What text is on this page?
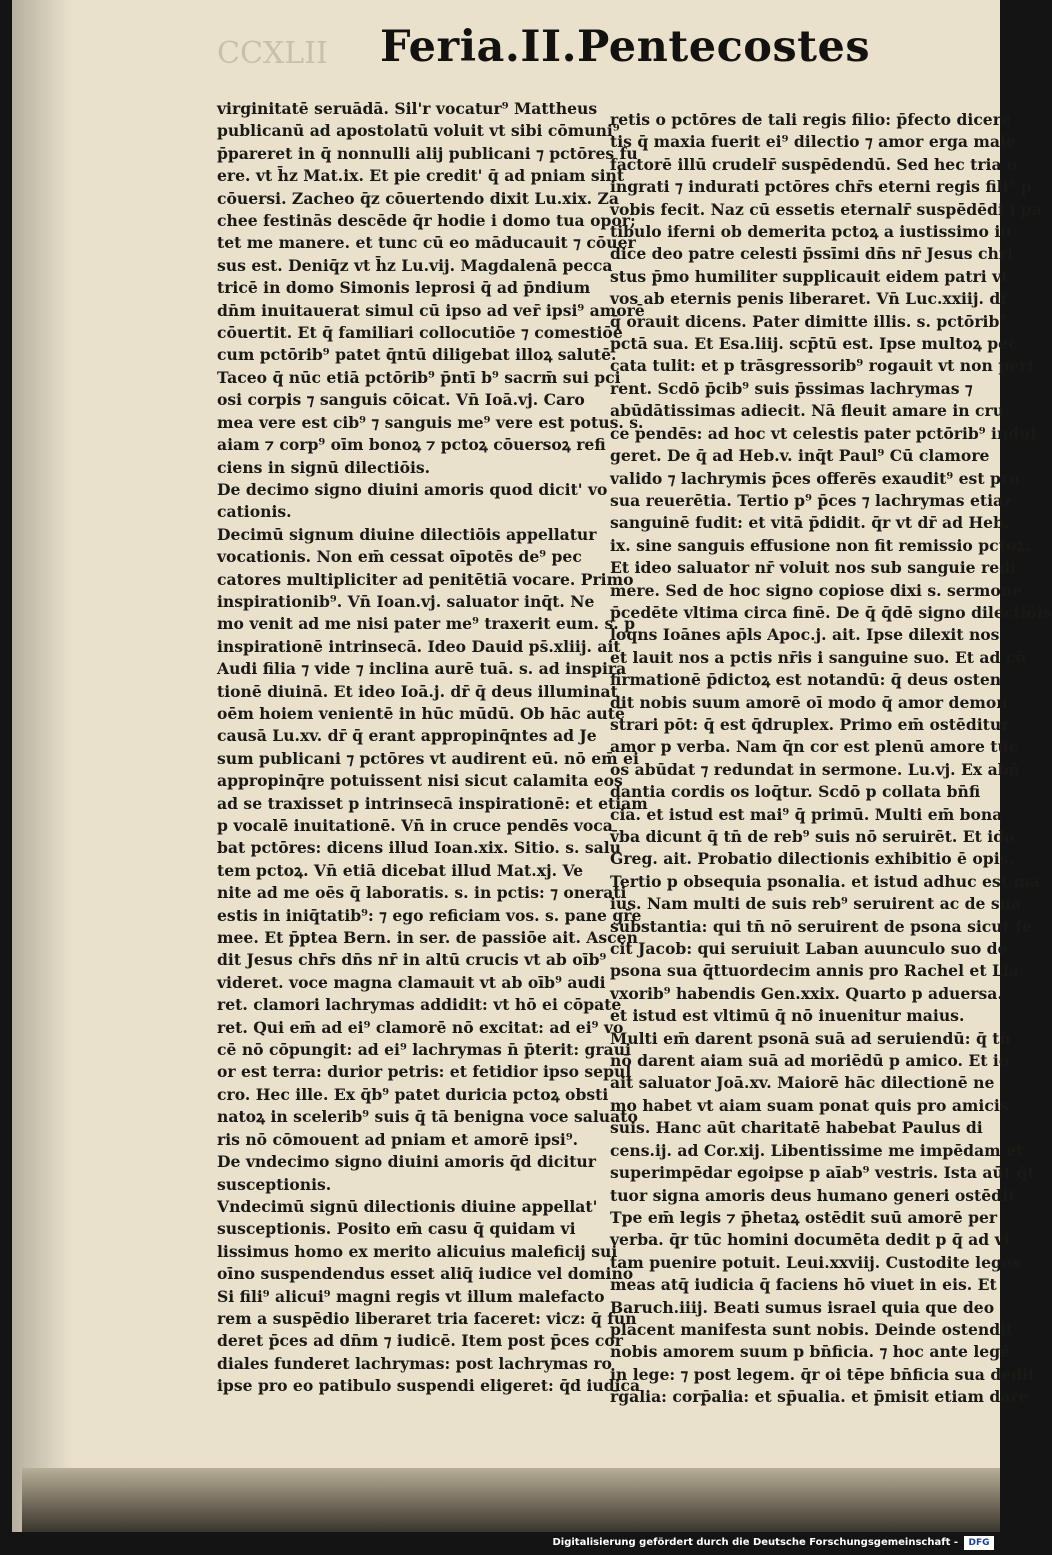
CCXLII Feria.II.Pentecostes

virginitatē seruādā. Sil'r vocatur⁹ Mattheus

publicanū ad apostolatū voluit vt sibi cōmuni⁹

p̄pareret in q̄ nonnulli alij publicani ⁊ pctōres fu

ere. vt h̄z Mat.ix. Et pie credit' q̄ ad pniam sint

cōuersi. Zacheo q̄z cōuertendo dixit Lu.xix. Za

chee festinās descēde q̄r hodie i domo tua opor;

tet me manere. et tunc cū eo māducauit ⁊ cōuer

sus est. Deniq̄z vt h̄z Lu.vij. Magdalenā pecca

tricē in domo Simonis leprosi q̄ ad p̄ndium

dn̄m inuitauerat simul cū ipso ad ver̄ ipsi⁹ amorē

cōuertit. Et q̄ familiari collocutiōe ⁊ comestiōe

cum pctōrib⁹ patet q̄ntū diligebat illoꝝ salutē.

Taceo q̄ nūc etiā pctōrib⁹ p̄ntī b⁹ sacrm̄ sui pci

osi corpis ⁊ sanguis cōicat. Vn̄ Ioā.vj. Caro

mea vere est cib⁹ ⁊ sanguis me⁹ vere est potus. s.

aiam ⁊ corp⁹ oīm bonoꝝ ⁊ pctoꝝ cōuersoꝝ refi

ciens in signū dilectiōis.

De decimo signo diuini amoris quod dicit' vo

cationis.

Decimū signum diuine dilectiōis appellatur

vocationis. Non em̄ cessat oīpotēs de⁹ pec

catores multipliciter ad penitētiā vocare. Primo

inspirationib⁹. Vn̄ Ioan.vj. saluator inq̄t. Ne

mo venit ad me nisi pater me⁹ traxerit eum. s. p

inspirationē intrinsecā. Ideo Dauid ps̄.xliij. ait

Audi filia ⁊ vide ⁊ inclina aurē tuā. s. ad inspira

tionē diuinā. Et ideo Ioā.j. dr̄ q̄ deus illuminat

oēm hoiem venientē in hūc mūdū. Ob hāc autē

causā Lu.xv. dr̄ q̄ erant appropinq̄ntes ad Je

sum publicani ⁊ pctōres vt audirent eū. nō em̄ ei

appropinq̄re potuissent nisi sicut calamita eos

ad se traxisset p intrinsecā inspirationē: et etiam

p vocalē inuitationē. Vn̄ in cruce pendēs voca

bat pctōres: dicens illud Ioan.xix. Sitio. s. salu

tem pctoꝝ. Vn̄ etiā dicebat illud Mat.xj. Ve

nite ad me oēs q̄ laboratis. s. in pctis: ⁊ onerati

estis in iniq̄tatib⁹: ⁊ ego reficiam vos. s. pane gr̄e

mee. Et p̄ptea Bern. in ser. de passiōe ait. Ascen

dit Jesus chr̄s dn̄s nr̄ in altū crucis vt ab oīb⁹

videret. voce magna clamauit vt ab oīb⁹ audi

ret. clamori lachrymas addidit: vt hō ei cōpate

ret. Qui em̄ ad ei⁹ clamorē nō excitat: ad ei⁹ vo

cē nō cōpungit: ad ei⁹ lachrymas n̄ p̄terit: graui

or est terra: durior petris: et fetidior ipso sepul

cro. Hec ille. Ex q̄b⁹ patet duricia pctoꝝ obsti

natoꝝ in scelerib⁹ suis q̄ tā benigna voce saluato

ris nō cōmouent ad pniam et amorē ipsi⁹.

De vndecimo signo diuini amoris q̄d dicitur

susceptionis.

Vndecimū signū dilectionis diuine appellat'

susceptionis. Posito em̄ casu q̄ quidam vi

lissimus homo ex merito alicuius maleficij sui

oīno suspendendus esset aliq̄ iudice vel domino

Si fili⁹ alicui⁹ magni regis vt illum malefacto

rem a suspēdio liberaret tria faceret: vicz: q̄ fun

deret p̄ces ad dn̄m ⁊ iudicē. Item post p̄ces cor

diales funderet lachrymas: post lachrymas ro

ipse pro eo patibulo suspendi eligeret: q̄d iudica

retis o pctōres de tali regis filio: p̄fecto dicere

tis q̄ maxia fuerit ei⁹ dilectio ⁊ amor erga male

factorē illū crudelr̄ suspēdendū. Sed hec tria o

ingrati ⁊ indurati pctōres chr̄s eterni regis fili⁹ p

vobis fecit. Naz cū essetis eternalr̄ suspēdēdi i pa

tibulo iferni ob demerita pctoꝝ a iustissimo iu

dice deo patre celesti p̄ssīmi dn̄s nr̄ Jesus chri

stus p̄mo humiliter supplicauit eidem patri vt

vos ab eternis penis liberaret. Vn̄ Luc.xxiij. dr̄

q̄ orauit dicens. Pater dimitte illis. s. pctōrib⁹

pctā sua. Et Esa.liij. scp̄tū est. Ipse multoꝝ pec

cata tulit: et p trāsgressorib⁹ rogauit vt non peri

rent. Scdō p̄cib⁹ suis p̄ssimas lachrymas ⁊

abūdātissimas adiecit. Nā fleuit amare in cru

ce pendēs: ad hoc vt celestis pater pctōrib⁹ indul

geret. De q̄ ad Heb.v. inq̄t Paul⁹ Cū clamore

valido ⁊ lachrymis p̄ces offerēs exaudit⁹ est pro

sua reuerētia. Tertio p⁹ p̄ces ⁊ lachrymas etiaz

sanguinē fudit: et vitā p̄didit. q̄r vt dr̄ ad Heb.

ix. sine sanguis effusione non fit remissio pctoꝝ.

Et ideo saluator nr̄ voluit nos sub sanguie redi

mere. Sed de hoc signo copiose dixi s. sermone

p̄cedēte vltima circa finē. De q̄ q̄dē signo dilectiōis

loqns Ioānes ap̄ls Apoc.j. ait. Ipse dilexit nos

et lauit nos a pctis nr̄is i sanguine suo. Et ad cō

firmationē p̄dictoꝝ est notandū: q̄ deus osten

dit nobis suum amorē oī modo q̄ amor demon

strari pōt: q̄ est q̄druplex. Primo em̄ ostēditur

amor p verba. Nam q̄n cor est plenū amore tūc

os abūdat ⁊ redundat in sermone. Lu.vj. Ex abū

dantia cordis os loq̄tur. Scdō p collata bn̄fi

cia. et istud est mai⁹ q̄ primū. Multi em̄ bona

v̄ba dicunt q̄ tn̄ de reb⁹ suis nō seruirēt. Et ido

Greg. ait. Probatio dilectionis exhibitio ē opis.

Tertio p obsequia psonalia. et istud adhuc est ma

ius. Nam multi de suis reb⁹ seruirent ac de sua

substantia: qui tn̄ nō seruirent de psona sicut fe

cit Jacob: qui seruiuit Laban auunculo suo de

psona sua q̄ttuordecim annis pro Rachel et Lia

vxorib⁹ habendis Gen.xxix. Quarto p aduersa.

et istud est vltimū q̄ nō inuenitur maius.

Multi em̄ darent psonā suā ad seruiendū: q̄ tn̄

nō darent aiam suā ad moriēdū p amico. Et io

ait saluator Joā.xv. Maiorē hāc dilectionē ne

mo habet vt aiam suam ponat quis pro amicis

suis. Hanc aūt charitatē habebat Paulus di

cens.ij. ad Cor.xij. Libentissime me impēdam et

superimpēdar egoipse p aīab⁹ vestris. Ista aūt q̄t

tuor signa amoris deus humano generi ostēdit

Tpe em̄ legis ⁊ p̄hetaꝝ ostēdit suū amorē per

verba. q̄r tūc homini documēta dedit p q̄ ad vi

tam puenire potuit. Leui.xxviij. Custodite leges

meas atq̄ iudicia q̄ faciens hō viuet in eis. Et

Baruch.iiij. Beati sumus israel quia que deo

placent manifesta sunt nobis. Deinde ostendit

nobis amorem suum p bn̄ficia. ⁊ hoc ante legē

in lege: ⁊ post legem. q̄r oi tēpe bn̄ficia sua dedit

r̄galia: corp̄alia: et sp̄ualia. et p̄misit etiam dare

Digitalisierung gefördert durch die Deutsche Forschungsgemeinschaft -	DFG
